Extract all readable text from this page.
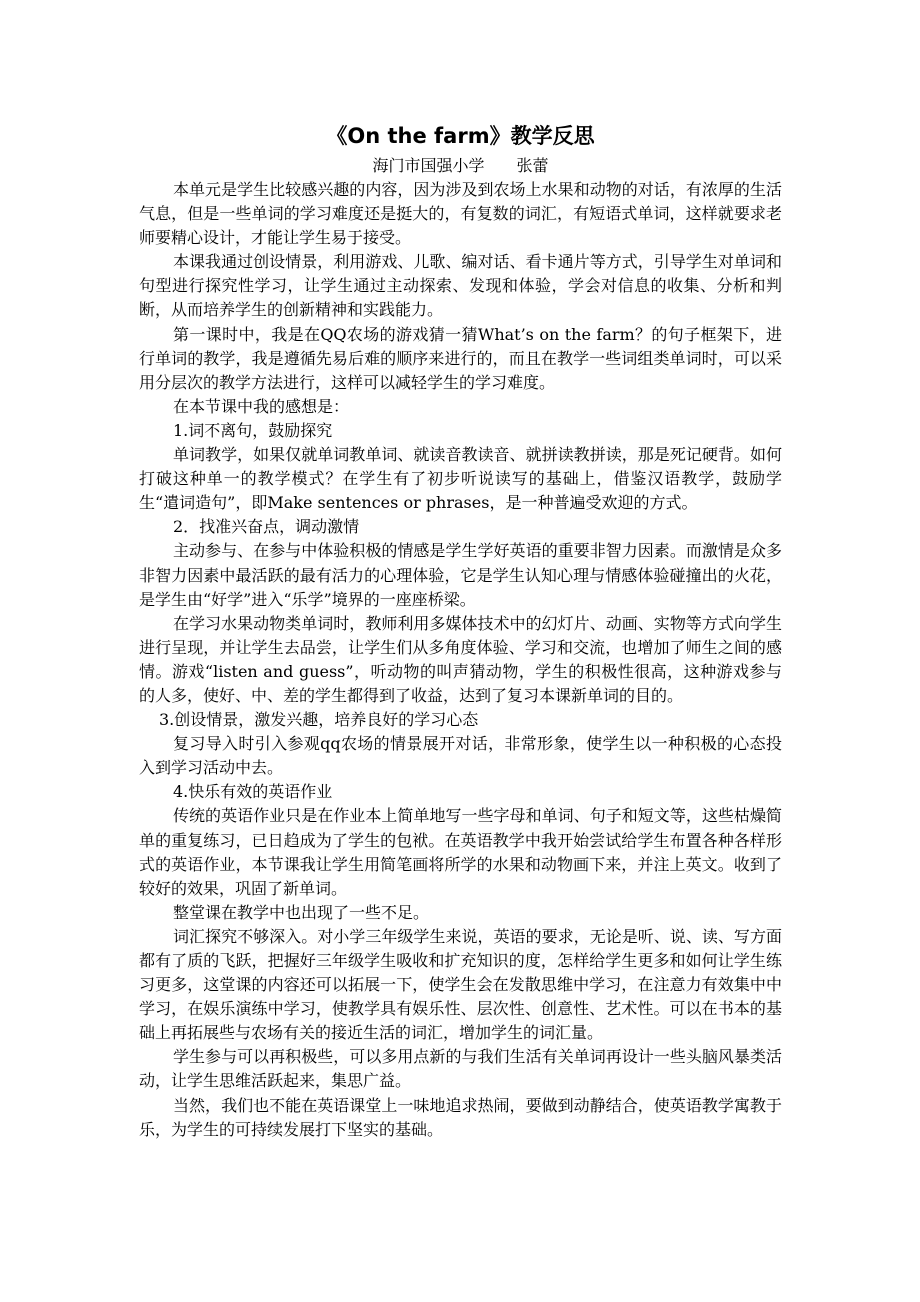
《On the farm》教学反思
海门市国强小学 张蕾

本单元是学生比较感兴趣的内容，因为涉及到农场上水果和动物的对话，有浓厚的生活气息，但是一些单词的学习难度还是挺大的，有复数的词汇，有短语式单词，这样就要求老师要精心设计，才能让学生易于接受。

本课我通过创设情景，利用游戏、儿歌、编对话、看卡通片等方式，引导学生对单词和句型进行探究性学习，让学生通过主动探索、发现和体验，学会对信息的收集、分析和判断，从而培养学生的创新精神和实践能力。

第一课时中，我是在QQ农场的游戏猜一猜What’s on the farm？的句子框架下，进行单词的教学，我是遵循先易后难的顺序来进行的，而且在教学一些词组类单词时，可以采用分层次的教学方法进行，这样可以减轻学生的学习难度。

在本节课中我的感想是：

1.词不离句，鼓励探究

单词教学，如果仅就单词教单词、就读音教读音、就拼读教拼读，那是死记硬背。如何打破这种单一的教学模式？在学生有了初步听说读写的基础上，借鉴汉语教学，鼓励学生“遣词造句”，即Make sentences or phrases，是一种普遍受欢迎的方式。

2．找准兴奋点，调动激情

主动参与、在参与中体验积极的情感是学生学好英语的重要非智力因素。而激情是众多非智力因素中最活跃的最有活力的心理体验，它是学生认知心理与情感体验碰撞出的火花，是学生由“好学”进入“乐学”境界的一座座桥梁。

在学习水果动物类单词时，教师利用多媒体技术中的幻灯片、动画、实物等方式向学生进行呈现，并让学生去品尝，让学生们从多角度体验、学习和交流，也增加了师生之间的感情。游戏“listen and guess”，听动物的叫声猜动物，学生的积极性很高，这种游戏参与的人多，使好、中、差的学生都得到了收益，达到了复习本课新单词的目的。

3.创设情景，激发兴趣，培养良好的学习心态

复习导入时引入参观qq农场的情景展开对话，非常形象，使学生以一种积极的心态投入到学习活动中去。

4.快乐有效的英语作业

传统的英语作业只是在作业本上简单地写一些字母和单词、句子和短文等，这些枯燥简单的重复练习，已日趋成为了学生的包袱。在英语教学中我开始尝试给学生布置各种各样形式的英语作业，本节课我让学生用简笔画将所学的水果和动物画下来，并注上英文。收到了较好的效果，巩固了新单词。

整堂课在教学中也出现了一些不足。

词汇探究不够深入。对小学三年级学生来说，英语的要求，无论是听、说、读、写方面都有了质的飞跃，把握好三年级学生吸收和扩充知识的度，怎样给学生更多和如何让学生练习更多，这堂课的内容还可以拓展一下，使学生会在发散思维中学习，在注意力有效集中中学习，在娱乐演练中学习，使教学具有娱乐性、层次性、创意性、艺术性。可以在书本的基础上再拓展些与农场有关的接近生活的词汇，增加学生的词汇量。

学生参与可以再积极些，可以多用点新的与我们生活有关单词再设计一些头脑风暴类活动，让学生思维活跃起来，集思广益。

当然，我们也不能在英语课堂上一味地追求热闹，要做到动静结合，使英语教学寓教于乐，为学生的可持续发展打下坚实的基础。
